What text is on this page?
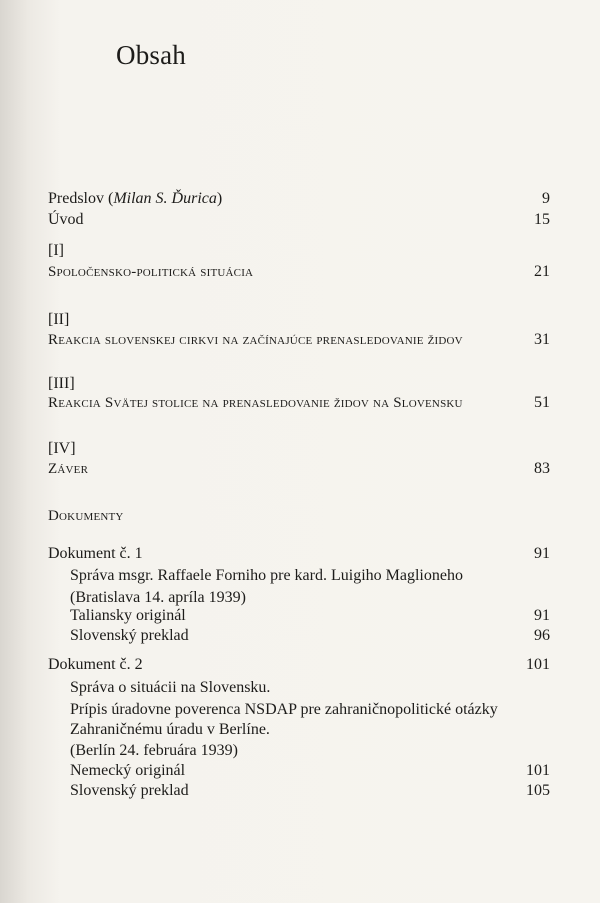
Obsah
Predslov (Milan S. Ďurica)	9
Úvod	15
[I]
Spoločensko-politická situácia	21
[II]
Reakcia slovenskej cirkvi na začínajúce prenasledovanie židov	31
[III]
Reakcia Svätej stolice na prenasledovanie židov na Slovensku	51
[IV]
Záver	83
Dokumenty
Dokument č. 1	91
Správa msgr. Raffaele Forniho pre kard. Luigiho Maglioneho
(Bratislava 14. apríla 1939)
Taliansky originál	91
Slovenský preklad	96
Dokument č. 2	101
Správa o situácii na Slovensku.
Prípis úradovne poverenca NSDAP pre zahraničnopolitické otázky
Zahraničnému úradu v Berlíne.
(Berlín 24. februára 1939)
Nemecký originál	101
Slovenský preklad	105
